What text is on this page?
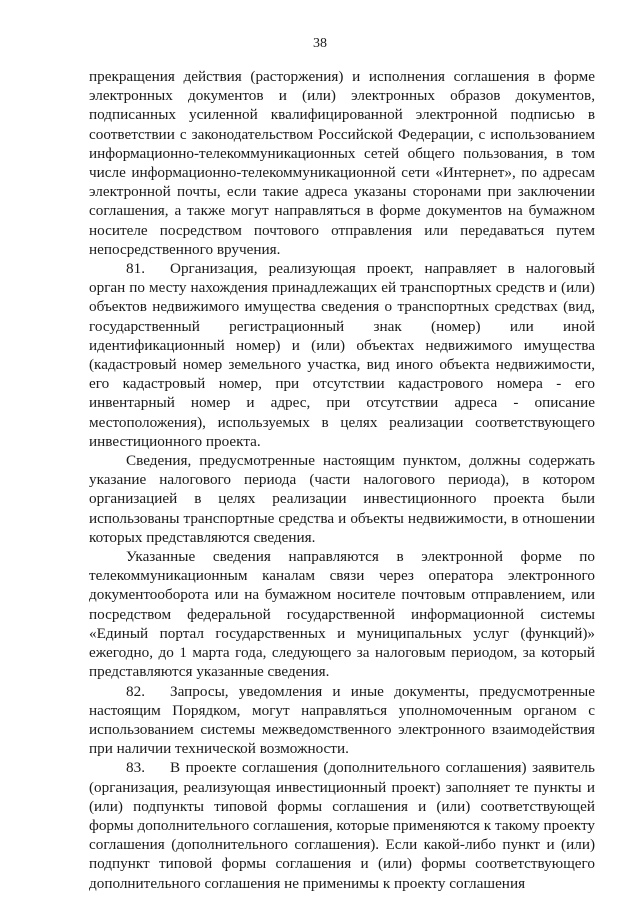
38

прекращения действия (расторжения) и исполнения соглашения в форме электронных документов и (или) электронных образов документов, подписанных усиленной квалифицированной электронной подписью в соответствии с законодательством Российской Федерации, с использованием информационно-телекоммуникационных сетей общего пользования, в том числе информационно-телекоммуникационной сети «Интернет», по адресам электронной почты, если такие адреса указаны сторонами при заключении соглашения, а также могут направляться в форме документов на бумажном носителе посредством почтового отправления или передаваться путем непосредственного вручения.

81. Организация, реализующая проект, направляет в налоговый орган по месту нахождения принадлежащих ей транспортных средств и (или) объектов недвижимого имущества сведения о транспортных средствах (вид, государственный регистрационный знак (номер) или иной идентификационный номер) и (или) объектах недвижимого имущества (кадастровый номер земельного участка, вид иного объекта недвижимости, его кадастровый номер, при отсутствии кадастрового номера - его инвентарный номер и адрес, при отсутствии адреса - описание местоположения), используемых в целях реализации соответствующего инвестиционного проекта.

Сведения, предусмотренные настоящим пунктом, должны содержать указание налогового периода (части налогового периода), в котором организацией в целях реализации инвестиционного проекта были использованы транспортные средства и объекты недвижимости, в отношении которых представляются сведения.

Указанные сведения направляются в электронной форме по телекоммуникационным каналам связи через оператора электронного документооборота или на бумажном носителе почтовым отправлением, или посредством федеральной государственной информационной системы «Единый портал государственных и муниципальных услуг (функций)» ежегодно, до 1 марта года, следующего за налоговым периодом, за который представляются указанные сведения.

82. Запросы, уведомления и иные документы, предусмотренные настоящим Порядком, могут направляться уполномоченным органом с использованием системы межведомственного электронного взаимодействия при наличии технической возможности.

83. В проекте соглашения (дополнительного соглашения) заявитель (организация, реализующая инвестиционный проект) заполняет те пункты и (или) подпункты типовой формы соглашения и (или) соответствующей формы дополнительного соглашения, которые применяются к такому проекту соглашения (дополнительного соглашения). Если какой-либо пункт и (или) подпункт типовой формы соглашения и (или) формы соответствующего дополнительного соглашения не применимы к проекту соглашения
